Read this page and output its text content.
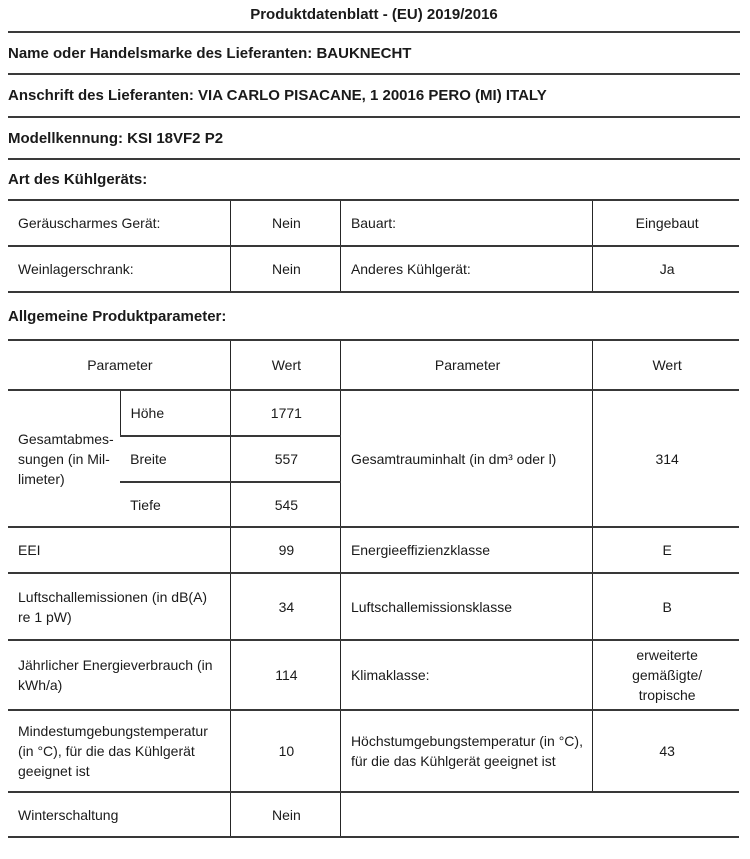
Produktdatenblatt - (EU) 2019/2016
Name oder Handelsmarke des Lieferanten: BAUKNECHT
Anschrift des Lieferanten: VIA CARLO PISACANE, 1 20016 PERO (MI) ITALY
Modellkennung: KSI 18VF2 P2
Art des Kühlgeräts:
Geräuscharmes Gerät:	Nein	Bauart:	Eingebaut
Weinlagerschrank:	Nein	Anderes Kühlgerät:	Ja
Allgemeine Produktparameter:
Parameter		Wert	Parameter	Wert
Gesamtabmes-sungen (in Mil-limeter)	Höhe	1771	Gesamtrauminhalt (in dm³ oder l)	314
	Breite	557		
	Tiefe	545		
EEI		99	Energieeffizienzklasse	E
Luftschallemissionen (in dB(A) re 1 pW)		34	Luftschallemissionsklasse	B
Jährlicher Energieverbrauch (in kWh/a)		114	Klimaklasse:	erweiterte gemäßigte/ tropische
Mindestumgebungstemperatur (in °C), für die das Kühlgerät geeignet ist		10	Höchstumgebungstemperatur (in °C), für die das Kühlgerät geeignet ist	43
Winterschaltung		Nein		
